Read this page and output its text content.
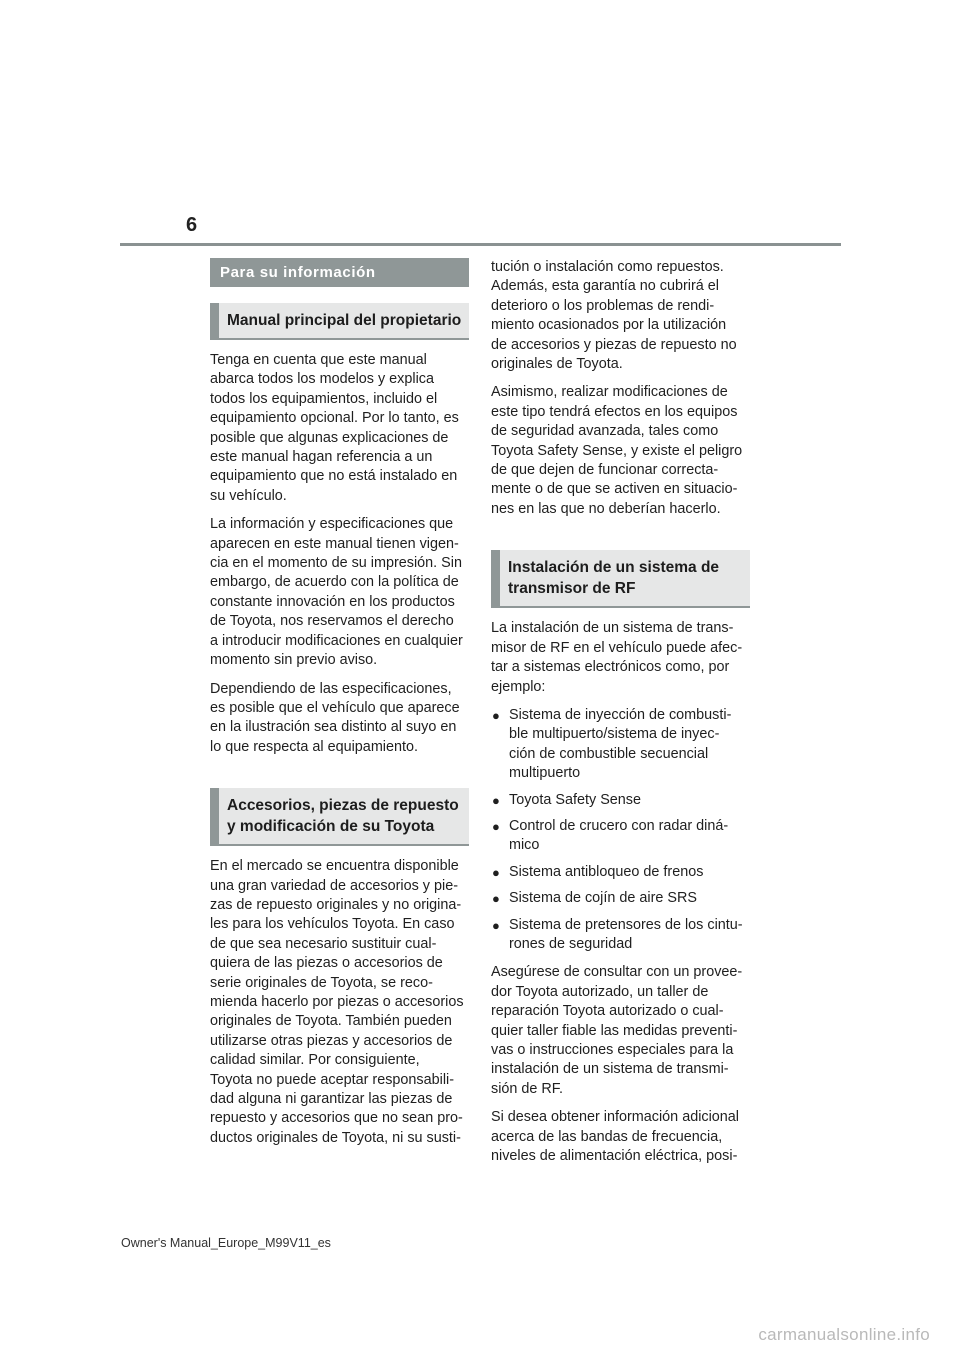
6
Para su información
Manual principal del propietario

Tenga en cuenta que este manual
abarca todos los modelos y explica
todos los equipamientos, incluido el
equipamiento opcional. Por lo tanto, es
posible que algunas explicaciones de
este manual hagan referencia a un
equipamiento que no está instalado en
su vehículo.

La información y especificaciones que
aparecen en este manual tienen vigen-
cia en el momento de su impresión. Sin
embargo, de acuerdo con la política de
constante innovación en los productos
de Toyota, nos reservamos el derecho
a introducir modificaciones en cualquier
momento sin previo aviso.

Dependiendo de las especificaciones,
es posible que el vehículo que aparece
en la ilustración sea distinto al suyo en
lo que respecta al equipamiento.

Accesorios, piezas de repuesto
y modificación de su Toyota

En el mercado se encuentra disponible
una gran variedad de accesorios y pie-
zas de repuesto originales y no origina-
les para los vehículos Toyota. En caso
de que sea necesario sustituir cual-
quiera de las piezas o accesorios de
serie originales de Toyota, se reco-
mienda hacerlo por piezas o accesorios
originales de Toyota. También pueden
utilizarse otras piezas y accesorios de
calidad similar. Por consiguiente,
Toyota no puede aceptar responsabili-
dad alguna ni garantizar las piezas de
repuesto y accesorios que no sean pro-
ductos originales de Toyota, ni su susti-

tución o instalación como repuestos.
Además, esta garantía no cubrirá el
deterioro o los problemas de rendi-
miento ocasionados por la utilización
de accesorios y piezas de repuesto no
originales de Toyota.

Asimismo, realizar modificaciones de
este tipo tendrá efectos en los equipos
de seguridad avanzada, tales como
Toyota Safety Sense, y existe el peligro
de que dejen de funcionar correcta-
mente o de que se activen en situacio-
nes en las que no deberían hacerlo.

Instalación de un sistema de
transmisor de RF

La instalación de un sistema de trans-
misor de RF en el vehículo puede afec-
tar a sistemas electrónicos como, por
ejemplo:

● Sistema de inyección de combusti-
ble multipuerto/sistema de inyec-
ción de combustible secuencial
multipuerto
● Toyota Safety Sense
● Control de crucero con radar diná-
mico
● Sistema antibloqueo de frenos
● Sistema de cojín de aire SRS
● Sistema de pretensores de los cintu-
rones de seguridad

Asegúrese de consultar con un provee-
dor Toyota autorizado, un taller de
reparación Toyota autorizado o cual-
quier taller fiable las medidas preventi-
vas o instrucciones especiales para la
instalación de un sistema de transmi-
sión de RF.

Si desea obtener información adicional
acerca de las bandas de frecuencia,
niveles de alimentación eléctrica, posi-

Owner's Manual_Europe_M99V11_es
carmanualsonline.info
